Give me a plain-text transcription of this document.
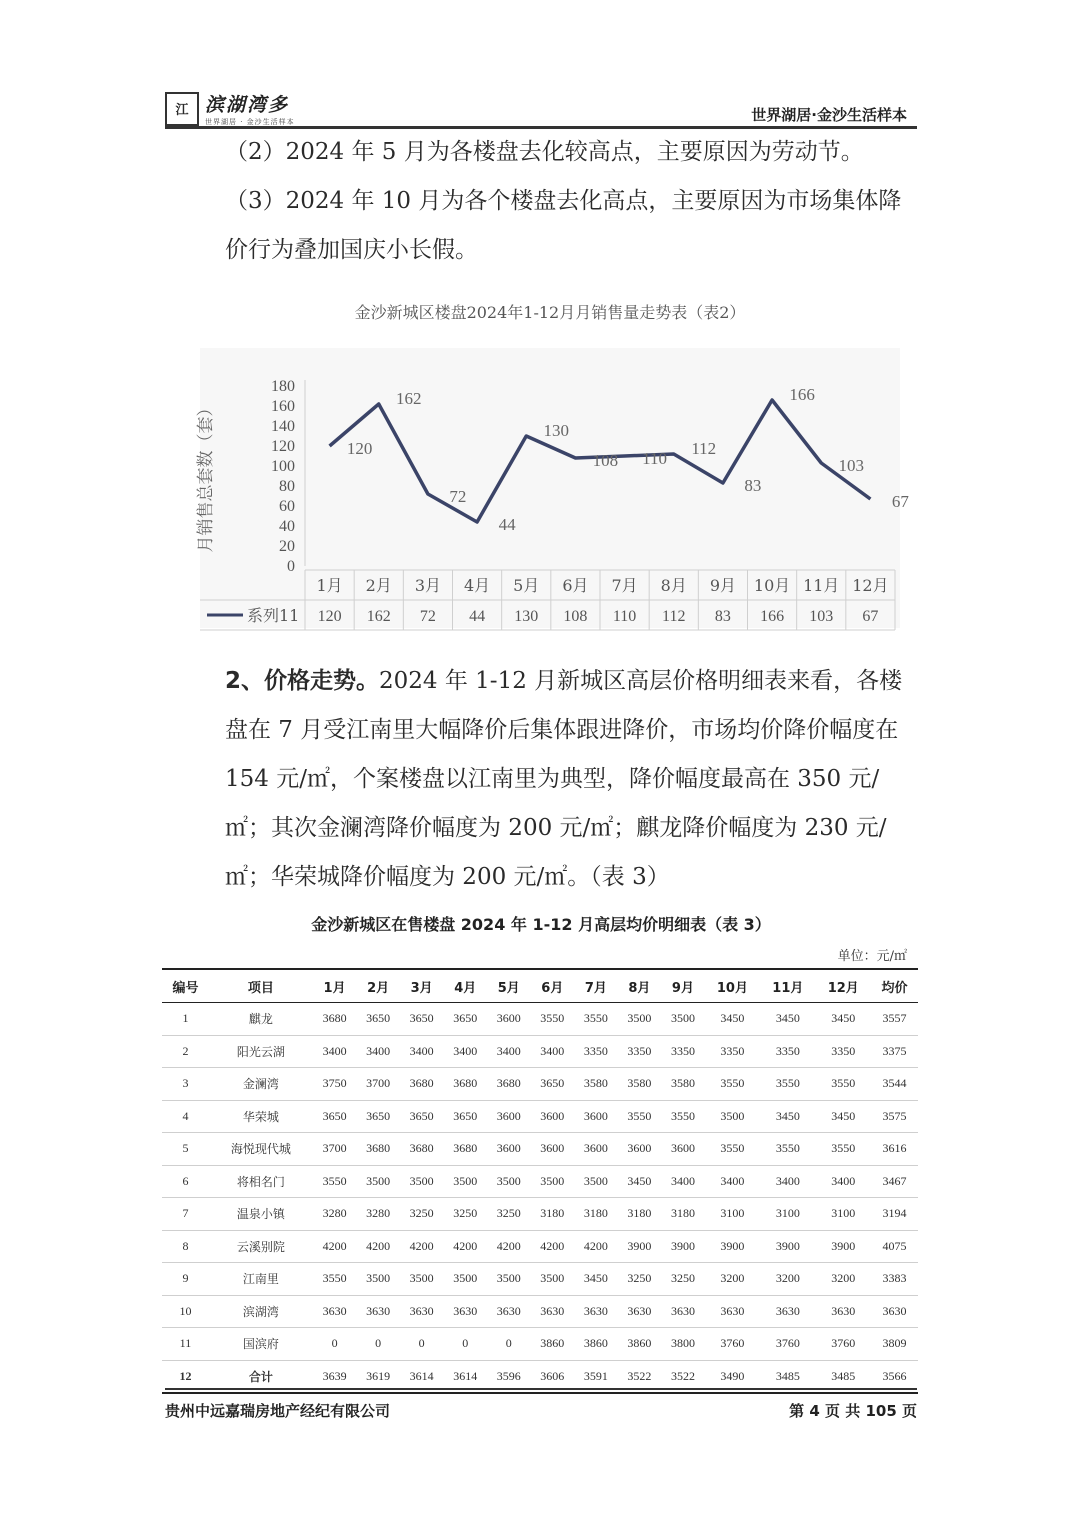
江 滨湖湾多
世界湖居 · 金沙生活样本	世界湖居·金沙生活样本
（2）2024 年 5 月为各楼盘去化较高点，主要原因为劳动节。
（3）2024 年 10 月为各个楼盘去化高点，主要原因为市场集体降价行为叠加国庆小长假。
金沙新城区楼盘2024年1-12月月销售量走势表（表2）
0
20
40
60
80
100
120
140
160
180
月销售总套数（套）
1月 2月 3月 4月 5月 6月 7月 8月 9月 10月 11月 12月
系列11 120 162 72 44 130 108 110 112 83 166 103 67
120
162
72
44
130
108 110
112
83
166
103
67
2、价格走势。2024 年 1-12 月新城区高层价格明细表来看，各楼盘在 7 月受江南里大幅降价后集体跟进降价，市场均价降价幅度在 154 元/㎡，个案楼盘以江南里为典型，降价幅度最高在 350 元/㎡；其次金澜湾降价幅度为 200 元/㎡；麒龙降价幅度为 230 元/㎡；华荣城降价幅度为 200 元/㎡。（表 3）
金沙新城区在售楼盘 2024 年 1-12 月高层均价明细表（表 3）
单位：元/㎡
编号	项目	1月	2月	3月	4月	5月	6月	7月	8月	9月	10月	11月	12月	均价
1	麒龙	3680	3650	3650	3650	3600	3550	3550	3500	3500	3450	3450	3450	3557
2	阳光云湖	3400	3400	3400	3400	3400	3400	3350	3350	3350	3350	3350	3350	3375
3	金澜湾	3750	3700	3680	3680	3680	3650	3580	3580	3580	3550	3550	3550	3544
4	华荣城	3650	3650	3650	3650	3600	3600	3600	3550	3550	3500	3450	3450	3575
5	海悦现代城	3700	3680	3680	3680	3600	3600	3600	3600	3600	3550	3550	3550	3616
6	将相名门	3550	3500	3500	3500	3500	3500	3500	3450	3400	3400	3400	3400	3467
7	温泉小镇	3280	3280	3250	3250	3250	3180	3180	3180	3180	3100	3100	3100	3194
8	云溪别院	4200	4200	4200	4200	4200	4200	4200	3900	3900	3900	3900	3900	4075
9	江南里	3550	3500	3500	3500	3500	3500	3450	3250	3250	3200	3200	3200	3383
10	滨湖湾	3630	3630	3630	3630	3630	3630	3630	3630	3630	3630	3630	3630	3630
11	国滨府	0	0	0	0	0	3860	3860	3860	3800	3760	3760	3760	3809
12	合计	3639	3619	3614	3614	3596	3606	3591	3522	3522	3490	3485	3485	3566
贵州中远嘉瑞房地产经纪有限公司	第 4 页 共 105 页
